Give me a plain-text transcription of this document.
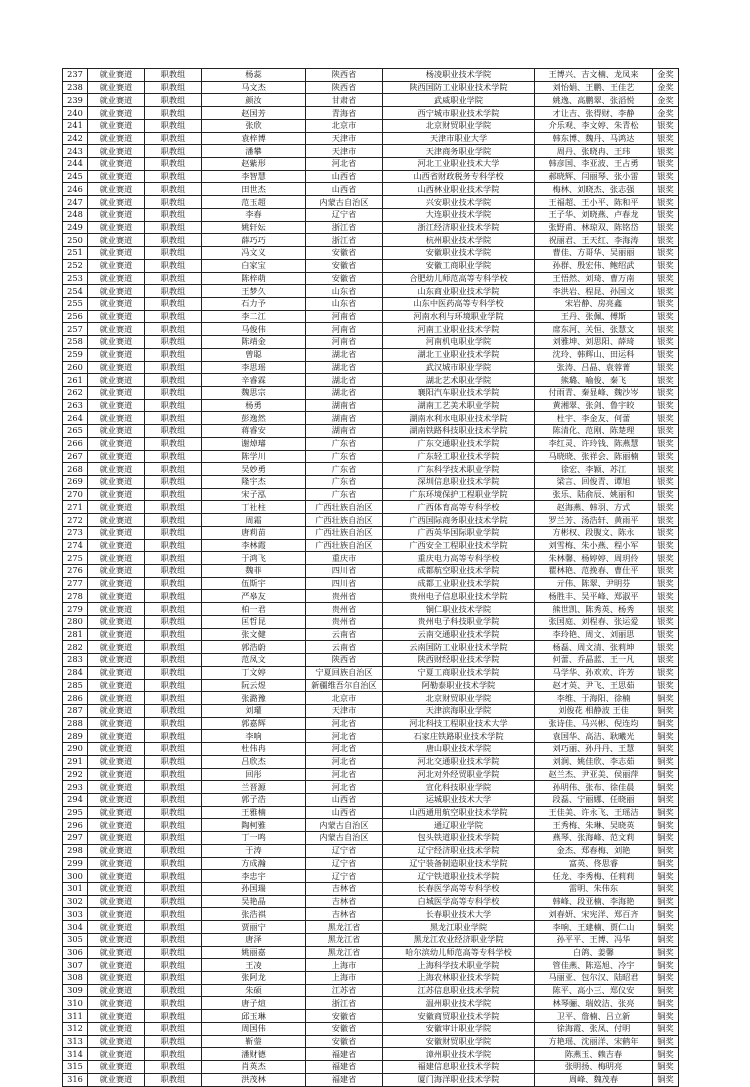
237	就业赛道	职教组	杨蕊	陕西省	杨凌职业技术学院	王博兴、吉文楠、龙凤来	金奖
238	就业赛道	职教组	马文杰	陕西省	陕西国防工业职业技术学院	刘怡娟、王鹏、王佳艺	金奖
239	就业赛道	职教组	颜汝	甘肃省	武威职业学院	姚逸、高鹏翠、张滔悦	金奖
240	就业赛道	职教组	赵国芳	青海省	西宁城市职业技术学院	才让吉、张得财、李静	金奖
241	就业赛道	职教组	张欣	北京市	北京财贸职业学院	介乐观、李文婷、朱青松	银奖
242	就业赛道	职教组	袁梓博	天津市	天津市职业大学	韩东博、魏丹、马鸿达	银奖
243	就业赛道	职教组	潘攀	天津市	天津商务职业学院	周丹、张晓冉、王玮	银奖
244	就业赛道	职教组	赵紫形	河北省	河北工业职业技术大学	韩彦国、李亚波、王占勇	银奖
245	就业赛道	职教组	李智慧	山西省	山西省财政税务专科学校	郝晓辉、闫丽琴、张小雷	银奖
246	就业赛道	职教组	田世杰	山西省	山西林业职业技术学院	梅林、刘晓杰、张志强	银奖
247	就业赛道	职教组	范玉超	内蒙古自治区	兴安职业技术学院	王福超、王小平、陈和平	银奖
248	就业赛道	职教组	李春	辽宁省	大连职业技术学院	王子华、刘晓燕、卢春龙	银奖
249	就业赛道	职教组	姚轩妘	浙江省	浙江经济职业技术学院	张野甫、林琼双、陈铭岱	银奖
250	就业赛道	职教组	薛巧巧	浙江省	杭州职业技术学院	祝丽君、王天红、李海涛	银奖
251	就业赛道	职教组	冯文义	安徽省	安徽职业技术学院	曹佳、方哥华、吴丽丽	银奖
252	就业赛道	职教组	白家宝	安徽省	安徽工商职业学院	孙群、殷宏伟、鲍绍武	银奖
253	就业赛道	职教组	陈梓萌	安徽省	合肥幼儿师范高等专科学校	王悟然、刘琦、曹万南	银奖
254	就业赛道	职教组	王梦久	山东省	山东商业职业技术学院	李洪岩、程昆、孙国文	银奖
255	就业赛道	职教组	石力予	山东省	山东中医药高等专科学校	宋岩静、房亮鑫	银奖
256	就业赛道	职教组	李二江	河南省	河南水利与环境职业学院	王丹、张佩、傅斯	银奖
257	就业赛道	职教组	马俊伟	河南省	河南工业职业技术学院	席东河、关恒、张慧文	银奖
258	就业赛道	职教组	陈靖金	河南省	河南机电职业学院	刘雅坤、刘思阳、薛琦	银奖
259	就业赛道	职教组	曾聪	湖北省	湖北工业职业技术学院	沈玲、韩辉山、田运科	银奖
260	就业赛道	职教组	李思瑶	湖北省	武汉城市职业学院	张涛、吕晶、袁蓉菁	银奖
261	就业赛道	职教组	辛睿霖	湖北省	湖北艺术职业学院	熊璐、喻俊、秦飞	银奖
262	就业赛道	职教组	魏思宗	湖北省	襄阳汽车职业技术学院	付雨青、秦显峰、魏沙岑	银奖
263	就业赛道	职教组	杨勇	湖南省	湖南工艺美术职业学院	黄湘翠、张剑、鲁宇皎	银奖
264	就业赛道	职教组	彭逸然	湖南省	湖南水利水电职业技术学院	杜宇、李金友、何蕾	银奖
265	就业赛道	职教组	蒋睿安	湖南省	湖南铁路科技职业技术学院	陈清化、范刚、陈楚理	银奖
266	就业赛道	职教组	谢焯璿	广东省	广东交通职业技术学院	李红灵、许玲钱、陈燕慧	银奖
267	就业赛道	职教组	陈学川	广东省	广东轻工职业技术学院	马晓晓、张祥会、陈丽楠	银奖
268	就业赛道	职教组	吴妙勇	广东省	广东科学技术职业学院	徐宏、李颖、苏江	银奖
269	就业赛道	职教组	隆宇杰	广东省	深圳信息职业技术学院	梁言、回俊青、谭旭	银奖
270	就业赛道	职教组	宋子泓	广东省	广东环境保护工程职业学院	张乐、陆俞辰、姚丽和	银奖
271	就业赛道	职教组	丁社柱	广西壮族自治区	广西体育高等专科学校	赵海燕、韩羽、方式	银奖
272	就业赛道	职教组	周霜	广西壮族自治区	广西国际商务职业技术学院	罗兰芳、汤浩轩、黄雨平	银奖
273	就业赛道	职教组	唐莉苗	广西壮族自治区	广西英华国际职业学院	方彬权、段腹文、陈永	银奖
274	就业赛道	职教组	李林霞	广西壮族自治区	广西安全工程职业技术学院	刘雪梅、朱小燕、程小军	银奖
275	就业赛道	职教组	于鸿飞	重庆市	重庆电力高等专科学校	朱林馨、杨婷婷、周玥伶	银奖
276	就业赛道	职教组	魏菲	四川省	成都航空职业技术学院	瞿林艳、范挽春、曹仕平	银奖
277	就业赛道	职教组	伍斯宇	四川省	成都工业职业技术学院	亓伟、陈翠、尹明芬	银奖
278	就业赛道	职教组	严皋友	贵州省	贵州电子信息职业技术学院	杨胜丰、吴平峰、郑淑平	银奖
279	就业赛道	职教组	柏一君	贵州省	铜仁职业技术学院	熊世凯、陈秀英、杨秀	银奖
280	就业赛道	职教组	匡哲昆	贵州省	贵州电子科技职业学院	张国庭、刘程春、张运爱	银奖
281	就业赛道	职教组	张文健	云南省	云南交通职业技术学院	李玲艳、周文、刘丽思	银奖
282	就业赛道	职教组	郭浩蔚	云南省	云南国防工业职业技术学院	杨磊、周文清、张莉坤	银奖
283	就业赛道	职教组	范凤文	陕西省	陕西财经职业技术学院	何蕾、乔晶蓝、王一凡	银奖
284	就业赛道	职教组	丁文婷	宁夏回族自治区	宁夏工商职业技术学院	马学华、孙欢欢、许芳	银奖
285	就业赛道	职教组	阮云煜	新疆维吾尔自治区	阿勒泰职业技术学院	赵才英、尹飞、王思茹	银奖
286	就业赛道	职教组	张潞豫	北京市	北京财贸职业学院	李维、于海阳、徐楠	铜奖
287	就业赛道	职教组	刘瓘	天津市	天津滨海职业学院	刘俊花 相静波 王佳	铜奖
288	就业赛道	职教组	郭嘉辉	河北省	河北科技工程职业技术大学	张诗佳、马兴彬、倪连均	铜奖
289	就业赛道	职教组	李响	河北省	石家庄铁路职业技术学院	袁国华、高洁、耿曦光	铜奖
290	就业赛道	职教组	杜伟冉	河北省	唐山职业技术学院	刘巧丽、孙丹丹、王慧	铜奖
291	就业赛道	职教组	吕欣杰	河北省	河北交通职业技术学院	刘涧、姚佳欣、李志茹	铜奖
292	就业赛道	职教组	回彤	河北省	河北对外经贸职业学院	赵兰杰、尹亚美、侯丽萍	铜奖
293	就业赛道	职教组	兰晋源	河北省	宣化科技职业学院	孙明伟、张布、徐佳晨	铜奖
294	就业赛道	职教组	郭子浩	山西省	运城职业技术大学	段磊、宁丽娜、任晓丽	铜奖
295	就业赛道	职教组	王雅楠	山西省	山西通用航空职业技术学院	王佳美、许永飞、王瑶洁	铜奖
296	就业赛道	职教组	陶柯雅	内蒙古自治区	通辽职业学院	王秀梅、朱琳、吴晓英	铜奖
297	就业赛道	职教组	丁一鸣	内蒙古自治区	包头铁道职业技术学院	燕琴、张海峰、范文莉	铜奖
298	就业赛道	职教组	于涛	辽宁省	辽宁经济职业技术学院	金杰、郑春梅、刘艳	铜奖
299	就业赛道	职教组	方成瀚	辽宁省	辽宁装备制造职业技术学院	富英、佟思睿	铜奖
300	就业赛道	职教组	李忠宇	辽宁省	辽宁铁道职业技术学院	任龙、李秀梅、任莉莉	铜奖
301	就业赛道	职教组	孙国瑞	吉林省	长春医学高等专科学校	雷明、朱伟东	铜奖
302	就业赛道	职教组	吴艳晶	吉林省	白城医学高等专科学校	韩峰、段亚楠、李海艳	铜奖
303	就业赛道	职教组	张浩祺	吉林省	长春职业技术大学	刘春妍、宋宪洋、郑百齐	铜奖
304	就业赛道	职教组	贾丽宁	黑龙江省	黑龙江职业学院	李响、王建楠、贾仁山	铜奖
305	就业赛道	职教组	唐泽	黑龙江省	黑龙江农业经济职业学院	孙平平、王博、冯华	铜奖
306	就业赛道	职教组	姚丽嘉	黑龙江省	哈尔滨幼儿师范高等专科学校	白鸽、姜馨	铜奖
307	就业赛道	职教组	王凌	上海市	上海科学技术职业学院	管佳燕、陈巡旭、冷宇	铜奖
308	就业赛道	职教组	张阿龙	上海市	上海农林职业技术学院	马丽亚、包尔汉、陆昭君	铜奖
309	就业赛道	职教组	朱硕	江苏省	江苏信息职业技术学院	陈平、高小三、郑仪安	铜奖
310	就业赛道	职教组	唐子煊	浙江省	温州职业技术学院	林琴骊、瑞姣洁、张亮	铜奖
311	就业赛道	职教组	邱玉琳	安徽省	安徽商贸职业技术学院	卫平、詹楠、吕立新	铜奖
312	就业赛道	职教组	周国伟	安徽省	安徽审计职业学院	徐海霞、张凤、付明	铜奖
313	就业赛道	职教组	靳蓥	安徽省	安徽财贸职业学院	方艳瑶、沈丽洋、宋鹤年	铜奖
314	就业赛道	职教组	潘财德	福建省	漳州职业技术学院	陈燕玉、赖吉春	铜奖
315	就业赛道	职教组	肖英杰	福建省	福建信息职业技术学院	张明扬、梅明亮	铜奖
316	就业赛道	职教组	洪茂林	福建省	厦门海洋职业技术学院	周峰、魏茂春	铜奖
